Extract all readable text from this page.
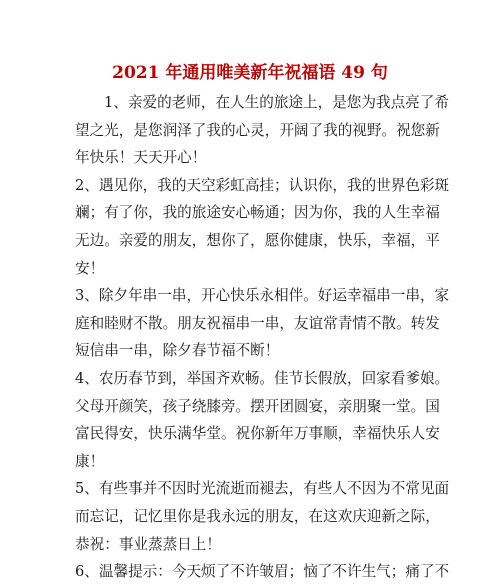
2021 年通用唯美新年祝福语 49 句

1、亲爱的老师，在人生的旅途上，是您为我点亮了希
望之光，是您润泽了我的心灵，开阔了我的视野。祝您新
年快乐！天天开心！

2、遇见你，我的天空彩虹高挂；认识你，我的世界色彩斑
斓；有了你，我的旅途安心畅通；因为你，我的人生幸福
无边。亲爱的朋友，想你了，愿你健康，快乐，幸福，平
安！

3、除夕年串一串，开心快乐永相伴。好运幸福串一串，家
庭和睦财不散。朋友祝福串一串，友谊常青情不散。转发
短信串一串，除夕春节福不断！

4、农历春节到，举国齐欢畅。佳节长假放，回家看爹娘。
父母开颜笑，孩子绕膝旁。摆开团圆宴，亲朋聚一堂。国
富民得安，快乐满华堂。祝你新年万事顺，幸福快乐人安
康！

5、有些事并不因时光流逝而褪去，有些人不因为不常见面
而忘记，记忆里你是我永远的朋友，在这欢庆迎新之际，
恭祝：事业蒸蒸日上！

6、温馨提示：今天烦了不许皱眉；恼了不许生气；痛了不
